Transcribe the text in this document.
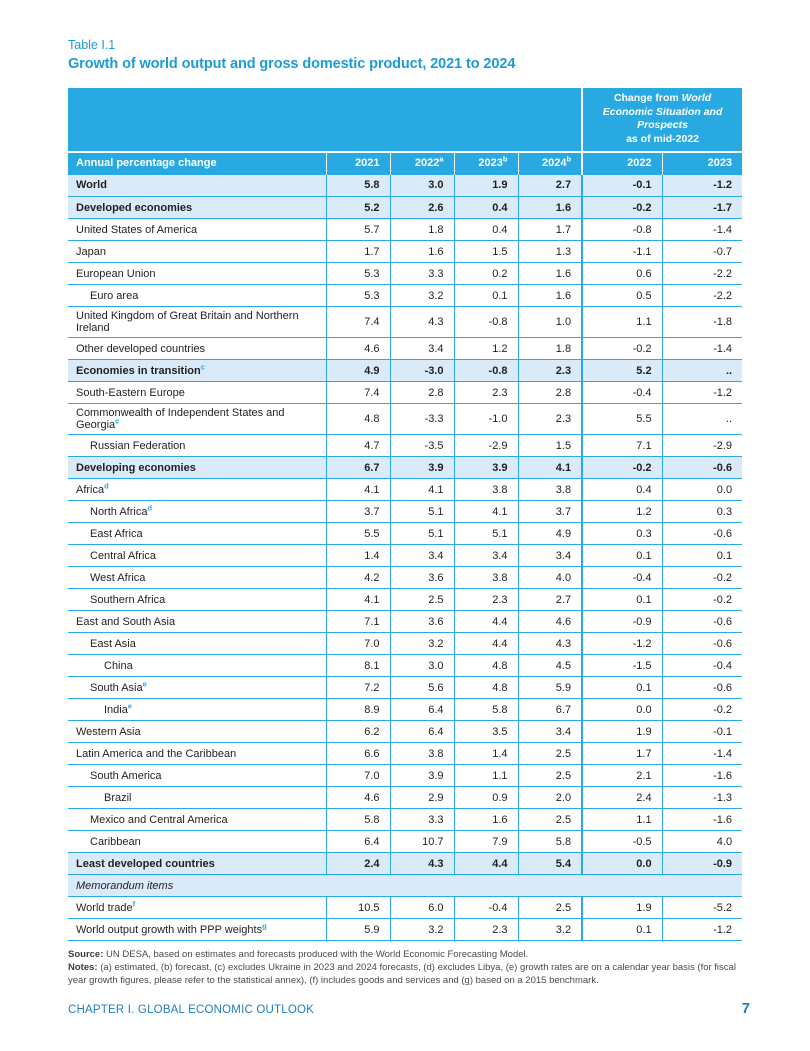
Table I.1
Growth of world output and gross domestic product, 2021 to 2024
					Change from World Economic Situation and Prospects
as of mid-2022	
Annual percentage change	2021	2022$^a$	2023$^b$	2024$^b$	2022	2023
World	5.8	3.0	1.9	2.7	-0.1	-1.2
Developed economies	5.2	2.6	0.4	1.6	-0.2	-1.7
United States of America	5.7	1.8	0.4	1.7	-0.8	-1.4
Japan	1.7	1.6	1.5	1.3	-1.1	-0.7
European Union	5.3	3.3	0.2	1.6	0.6	-2.2
Euro area	5.3	3.2	0.1	1.6	0.5	-2.2
United Kingdom of Great Britain and Northern Ireland	7.4	4.3	-0.8	1.0	1.1	-1.8
Other developed countries	4.6	3.4	1.2	1.8	-0.2	-1.4
Economies in transition$^c$	4.9	-3.0	-0.8	2.3	5.2	..
South-Eastern Europe	7.4	2.8	2.3	2.8	-0.4	-1.2
Commonwealth of Independent States and Georgia$^c$	4.8	-3.3	-1.0	2.3	5.5	..
Russian Federation	4.7	-3.5	-2.9	1.5	7.1	-2.9
Developing economies	6.7	3.9	3.9	4.1	-0.2	-0.6
Africa$^d$	4.1	4.1	3.8	3.8	0.4	0.0
North Africa$^d$	3.7	5.1	4.1	3.7	1.2	0.3
East Africa	5.5	5.1	5.1	4.9	0.3	-0.6
Central Africa	1.4	3.4	3.4	3.4	0.1	0.1
West Africa	4.2	3.6	3.8	4.0	-0.4	-0.2
Southern Africa	4.1	2.5	2.3	2.7	0.1	-0.2
East and South Asia	7.1	3.6	4.4	4.6	-0.9	-0.6
East Asia	7.0	3.2	4.4	4.3	-1.2	-0.6
China	8.1	3.0	4.8	4.5	-1.5	-0.4
South Asia$^e$	7.2	5.6	4.8	5.9	0.1	-0.6
India$^e$	8.9	6.4	5.8	6.7	0.0	-0.2
Western Asia	6.2	6.4	3.5	3.4	1.9	-0.1
Latin America and the Caribbean	6.6	3.8	1.4	2.5	1.7	-1.4
South America	7.0	3.9	1.1	2.5	2.1	-1.6
Brazil	4.6	2.9	0.9	2.0	2.4	-1.3
Mexico and Central America	5.8	3.3	1.6	2.5	1.1	-1.6
Caribbean	6.4	10.7	7.9	5.8	-0.5	4.0
Least developed countries	2.4	4.3	4.4	5.4	0.0	-0.9
Memorandum items						
World trade$^f$	10.5	6.0	-0.4	2.5	1.9	-5.2
World output growth with PPP weights$^g$	5.9	3.2	2.3	3.2	0.1	-1.2
Source: UN DESA, based on estimates and forecasts produced with the World Economic Forecasting Model.
Notes: (a) estimated, (b) forecast, (c) excludes Ukraine in 2023 and 2024 forecasts, (d) excludes Libya, (e) growth rates are on a calendar year basis (for fiscal year growth figures, please refer to the statistical annex), (f) includes goods and services and (g) based on a 2015 benchmark.
CHAPTER I. GLOBAL ECONOMIC OUTLOOK	7
